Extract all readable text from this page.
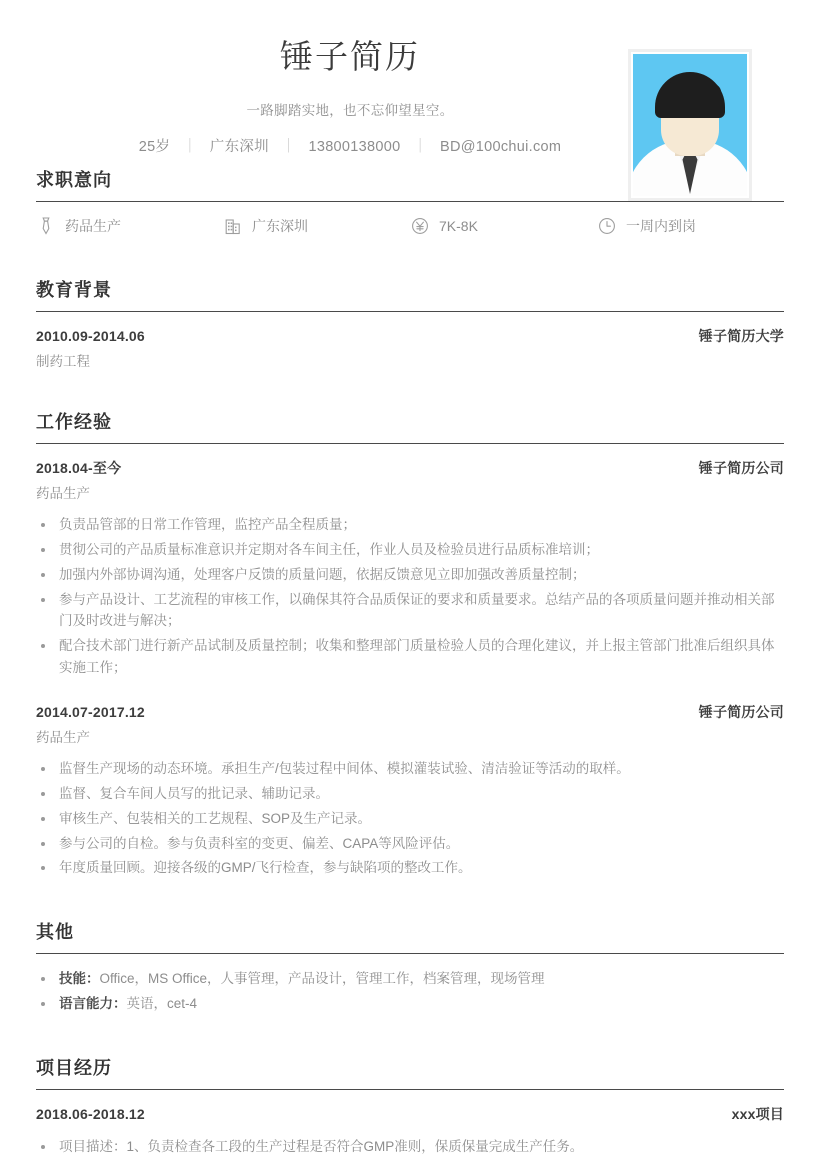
锤子简历
一路脚踏实地，也不忘仰望星空。
25岁 ｜ 广东深圳 ｜ 13800138000 ｜ BD@100chui.com
求职意向
药品生产	广东深圳	7K-8K	一周内到岗
教育背景
2010.09-2014.06	锤子简历大学
制药工程
工作经验
2018.04-至今	锤子简历公司
药品生产
负责品管部的日常工作管理，监控产品全程质量；
贯彻公司的产品质量标准意识并定期对各车间主任，作业人员及检验员进行品质标准培训；
加强内外部协调沟通，处理客户反馈的质量问题，依据反馈意见立即加强改善质量控制；
参与产品设计、工艺流程的审核工作，以确保其符合品质保证的要求和质量要求。总结产品的各项质量问题并推动相关部门及时改进与解决；
配合技术部门进行新产品试制及质量控制；收集和整理部门质量检验人员的合理化建议，并上报主管部门批准后组织具体实施工作；
2014.07-2017.12	锤子简历公司
药品生产
监督生产现场的动态环境。承担生产/包装过程中间体、模拟灌装试验、清洁验证等活动的取样。
监督、复合车间人员写的批记录、辅助记录。
审核生产、包装相关的工艺规程、SOP及生产记录。
参与公司的自检。参与负责科室的变更、偏差、CAPA等风险评估。
年度质量回顾。迎接各级的GMP/飞行检查，参与缺陷项的整改工作。
其他
技能：Office，MS Office，人事管理，产品设计，管理工作，档案管理，现场管理
语言能力：英语，cet-4
项目经历
2018.06-2018.12	xxx项目
项目描述：1、负责检查各工段的生产过程是否符合GMP准则，保质保量完成生产任务。
